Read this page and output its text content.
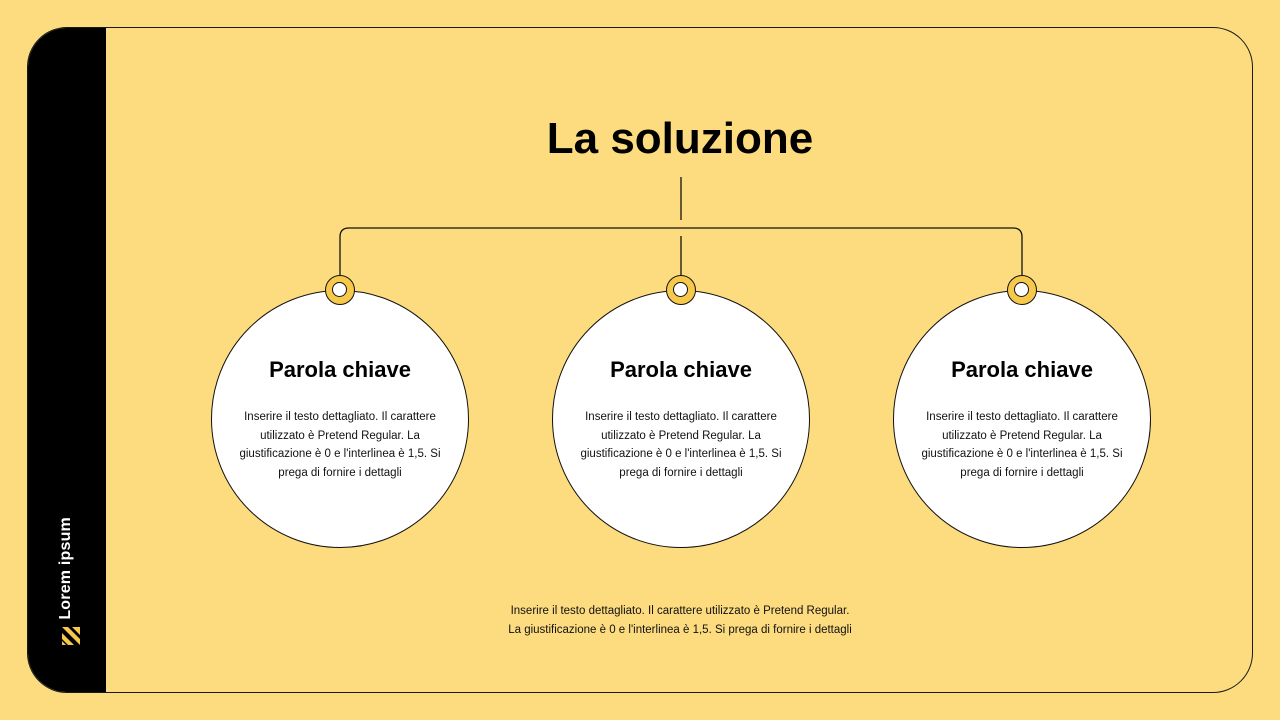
Lorem ipsum
La soluzione
Parola chiave

Inserire il testo dettagliato. Il carattere utilizzato è Pretend Regular. La giustificazione è 0 e l'interlinea è 1,5. Si prega di fornire i dettagli

Parola chiave

Inserire il testo dettagliato. Il carattere utilizzato è Pretend Regular. La giustificazione è 0 e l'interlinea è 1,5. Si prega di fornire i dettagli

Parola chiave

Inserire il testo dettagliato. Il carattere utilizzato è Pretend Regular. La giustificazione è 0 e l'interlinea è 1,5. Si prega di fornire i dettagli

Inserire il testo dettagliato. Il carattere utilizzato è Pretend Regular.
La giustificazione è 0 e l'interlinea è 1,5. Si prega di fornire i dettagli
